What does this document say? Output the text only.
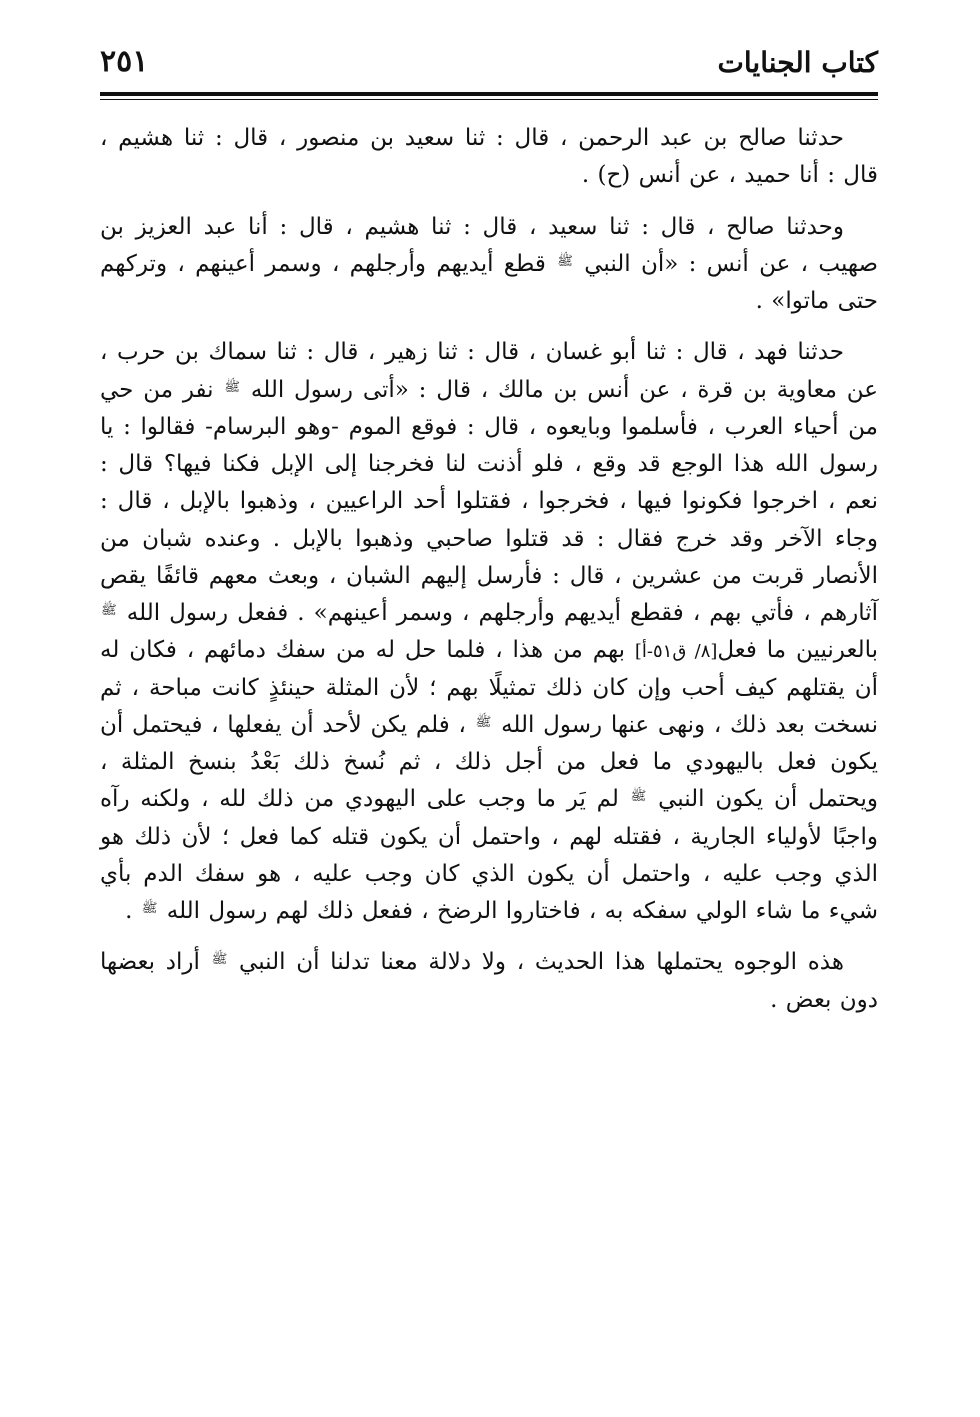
كتاب الجنايات
٢٥١

حدثنا صالح بن عبد الرحمن ، قال : ثنا سعيد بن منصور ، قال : ثنا هشيم ، قال : أنا حميد ، عن أنس (ح) .

وحدثنا صالح ، قال : ثنا سعيد ، قال : ثنا هشيم ، قال : أنا عبد العزيز بن صهيب ، عن أنس : «أن النبي $^ﷺ$ قطع أيديهم وأرجلهم ، وسمر أعينهم ، وتركهم حتى ماتوا» .

حدثنا فهد ، قال : ثنا أبو غسان ، قال : ثنا زهير ، قال : ثنا سماك بن حرب ، عن معاوية بن قرة ، عن أنس بن مالك ، قال : «أتى رسول الله $^ﷺ$ نفر من حي من أحياء العرب ، فأسلموا وبايعوه ، قال : فوقع الموم -وهو البرسام- فقالوا : يا رسول الله هذا الوجع قد وقع ، فلو أذنت لنا فخرجنا إلى الإبل فكنا فيها؟ قال : نعم ، اخرجوا فكونوا فيها ، فخرجوا ، فقتلوا أحد الراعيين ، وذهبوا بالإبل ، قال : وجاء الآخر وقد خرج فقال : قد قتلوا صاحبي وذهبوا بالإبل . وعنده شبان من الأنصار قربت من عشرين ، قال : فأرسل إليهم الشبان ، وبعث معهم قائفًا يقص آثارهم ، فأتي بهم ، فقطع أيديهم وأرجلهم ، وسمر أعينهم» . ففعل رسول الله $^ﷺ$ بالعرنيين ما فعل[٨/ ق٥١-أ] بهم من هذا ، فلما حل له من سفك دمائهم ، فكان له أن يقتلهم كيف أحب وإن كان ذلك تمثيلًا بهم ؛ لأن المثلة حينئذٍ كانت مباحة ، ثم نسخت بعد ذلك ، ونهى عنها رسول الله $^ﷺ$ ، فلم يكن لأحد أن يفعلها ، فيحتمل أن يكون فعل باليهودي ما فعل من أجل ذلك ، ثم نُسخ ذلك بَعْدُ بنسخ المثلة ، ويحتمل أن يكون النبي $^ﷺ$ لم يَر ما وجب على اليهودي من ذلك لله ، ولكنه رآه واجبًا لأولياء الجارية ، فقتله لهم ، واحتمل أن يكون قتله كما فعل ؛ لأن ذلك هو الذي وجب عليه ، واحتمل أن يكون الذي كان وجب عليه ، هو سفك الدم بأي شيء ما شاء الولي سفكه به ، فاختاروا الرضخ ، ففعل ذلك لهم رسول الله $^ﷺ$ .

هذه الوجوه يحتملها هذا الحديث ، ولا دلالة معنا تدلنا أن النبي $^ﷺ$ أراد بعضها دون بعض .
